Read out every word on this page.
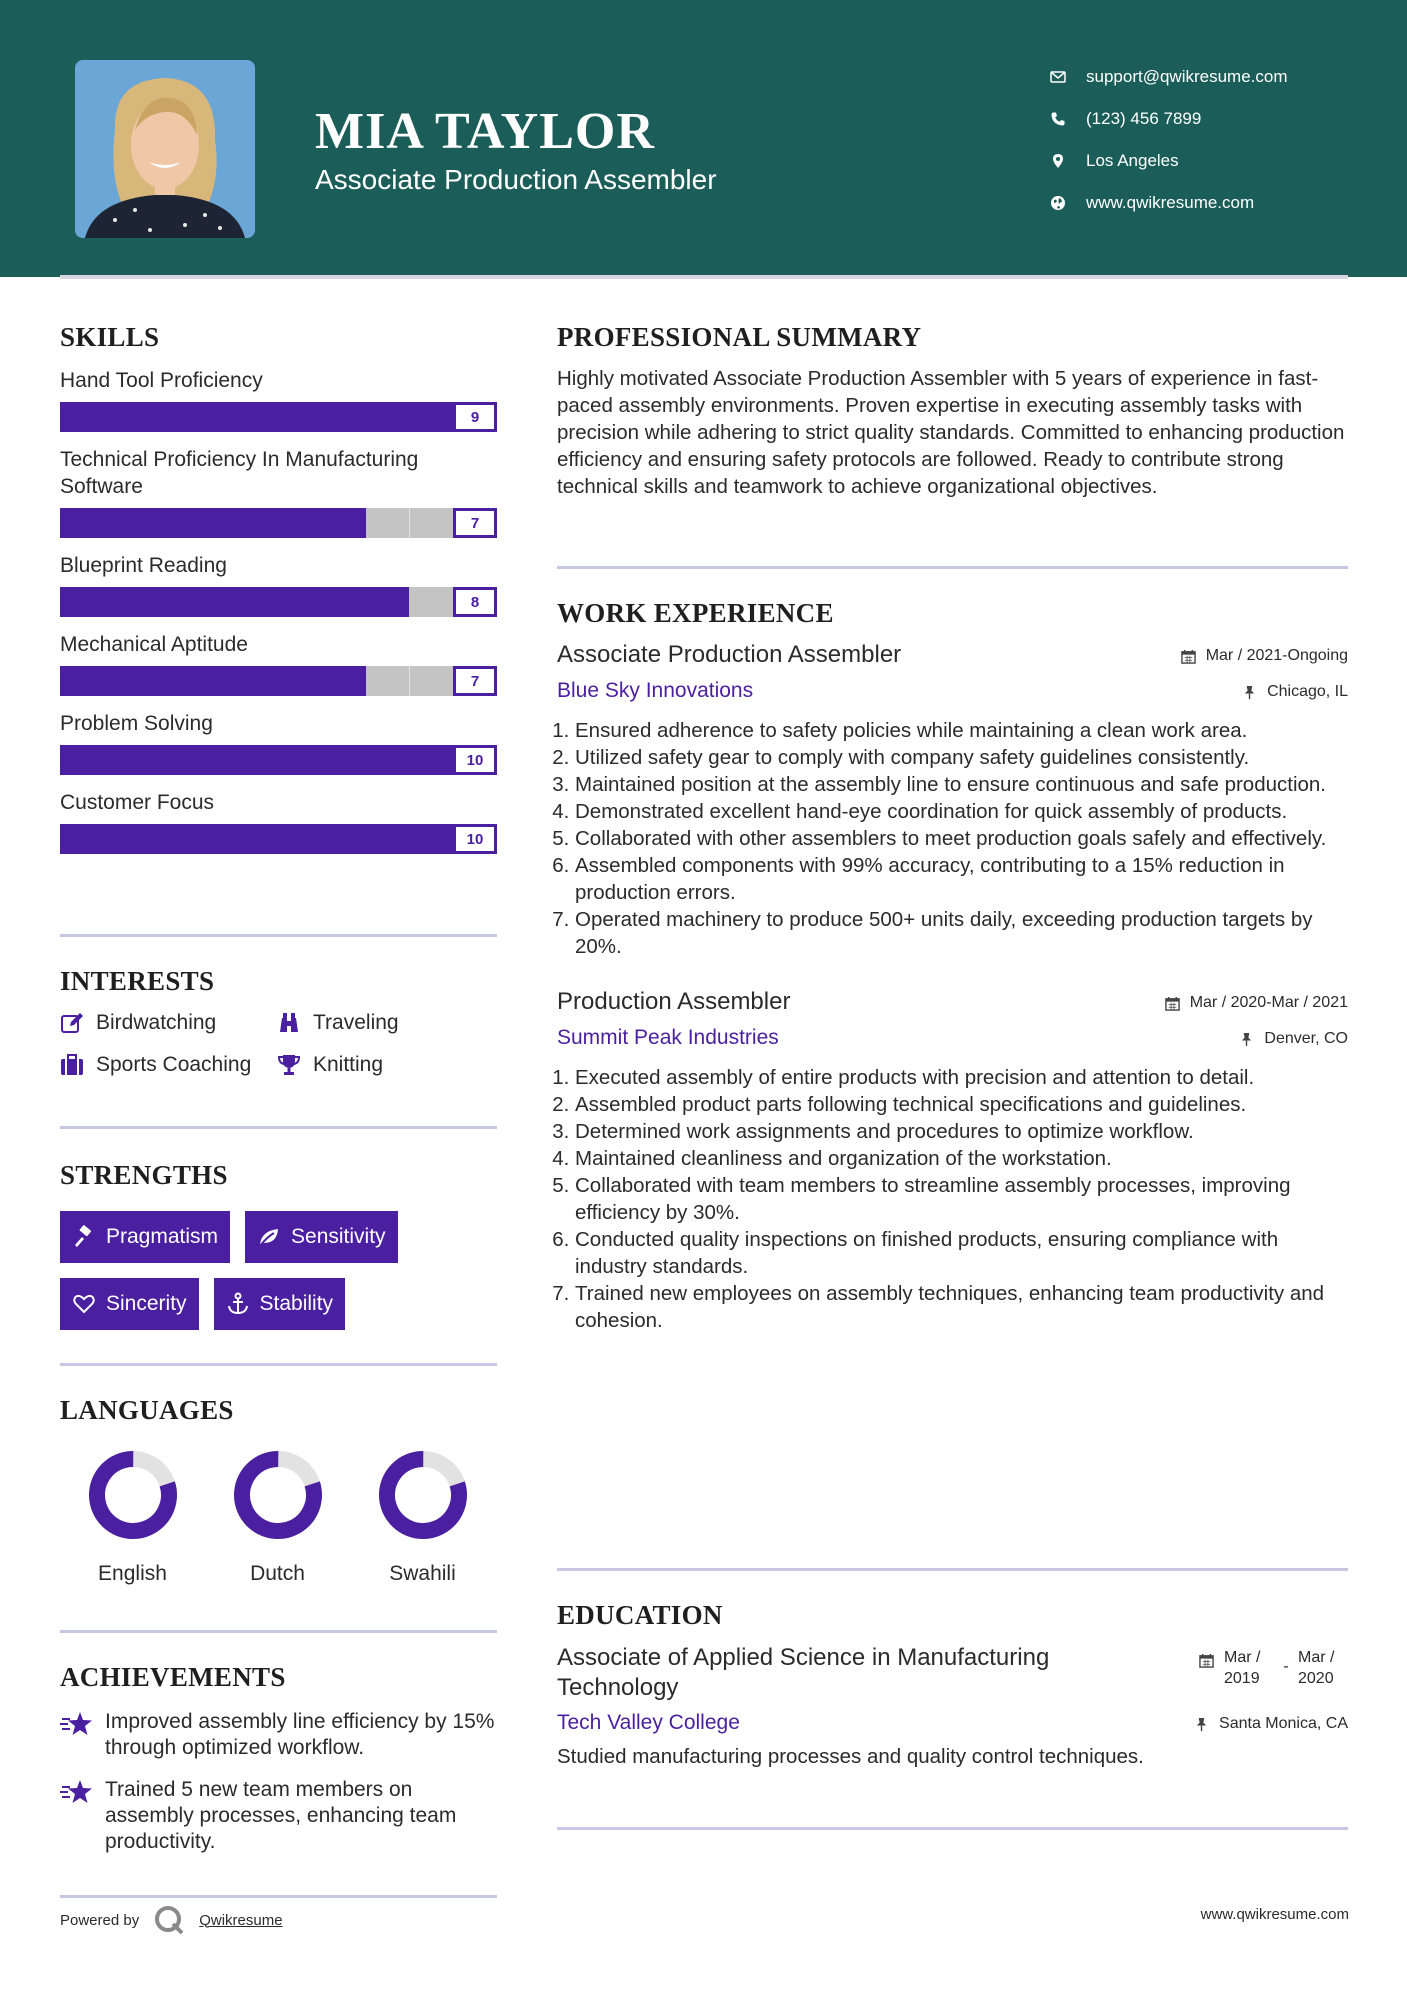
MIA TAYLOR
Associate Production Assembler
support@qwikresume.com
(123) 456 7899
Los Angeles
www.qwikresume.com
SKILLS
Hand Tool Proficiency
9
Technical Proficiency In Manufacturing Software
7
Blueprint Reading
8
Mechanical Aptitude
7
Problem Solving
10
Customer Focus
10
INTERESTS
Birdwatching	Traveling
Sports Coaching	Knitting
STRENGTHS
Pragmatism	Sensitivity
Sincerity	Stability
LANGUAGES
English	Dutch	Swahili
ACHIEVEMENTS
Improved assembly line efficiency by 15% through optimized workflow.
Trained 5 new team members on assembly processes, enhancing team productivity.
PROFESSIONAL SUMMARY
Highly motivated Associate Production Assembler with 5 years of experience in fast-paced assembly environments. Proven expertise in executing assembly tasks with precision while adhering to strict quality standards. Committed to enhancing production efficiency and ensuring safety protocols are followed. Ready to contribute strong technical skills and teamwork to achieve organizational objectives.
WORK EXPERIENCE
Associate Production Assembler	Mar / 2021-Ongoing
Blue Sky Innovations	Chicago, IL
1. Ensured adherence to safety policies while maintaining a clean work area.
2. Utilized safety gear to comply with company safety guidelines consistently.
3. Maintained position at the assembly line to ensure continuous and safe production.
4. Demonstrated excellent hand-eye coordination for quick assembly of products.
5. Collaborated with other assemblers to meet production goals safely and effectively.
6. Assembled components with 99% accuracy, contributing to a 15% reduction in production errors.
7. Operated machinery to produce 500+ units daily, exceeding production targets by 20%.
Production Assembler	Mar / 2020-Mar / 2021
Summit Peak Industries	Denver, CO
1. Executed assembly of entire products with precision and attention to detail.
2. Assembled product parts following technical specifications and guidelines.
3. Determined work assignments and procedures to optimize workflow.
4. Maintained cleanliness and organization of the workstation.
5. Collaborated with team members to streamline assembly processes, improving efficiency by 30%.
6. Conducted quality inspections on finished products, ensuring compliance with industry standards.
7. Trained new employees on assembly techniques, enhancing team productivity and cohesion.
EDUCATION
Associate of Applied Science in Manufacturing Technology
Mar / 2019
-
Mar / 2020
Tech Valley College	Santa Monica, CA
Studied manufacturing processes and quality control techniques.
Powered by	Qwikresume	www.qwikresume.com
